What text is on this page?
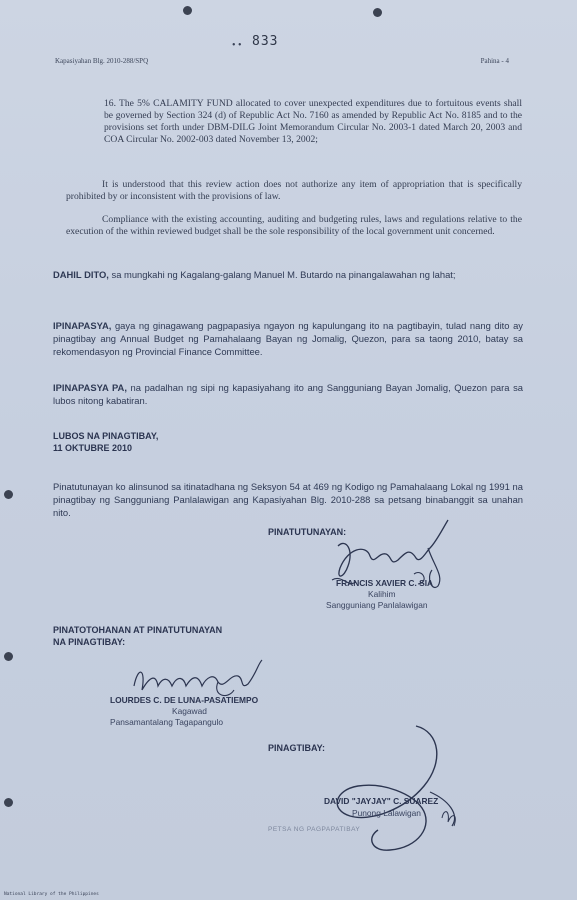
• • 833
Kapasiyahan Blg. 2010-288/SPQ	Pahina - 4
16. The 5% CALAMITY FUND allocated to cover unexpected expenditures due to fortuitous events shall be governed by Section 324 (d) of Republic Act No. 7160 as amended by Republic Act No. 8185 and to the provisions set forth under DBM-DILG Joint Memorandum Circular No. 2003-1 dated March 20, 2003 and COA Circular No. 2002-003 dated November 13, 2002;
It is understood that this review action does not authorize any item of appropriation that is specifically prohibited by or inconsistent with the provisions of law.
Compliance with the existing accounting, auditing and budgeting rules, laws and regulations relative to the execution of the within reviewed budget shall be the sole responsibility of the local government unit concerned.
DAHIL DITO, sa mungkahi ng Kagalang-galang Manuel M. Butardo na pinangalawahan ng lahat;
IPINAPASYA, gaya ng ginagawang pagpapasiya ngayon ng kapulungang ito na pagtibayin, tulad nang dito ay pinagtibay ang Annual Budget ng Pamahalaang Bayan ng Jomalig, Quezon, para sa taong 2010, batay sa rekomendasyon ng Provincial Finance Committee.
IPINAPASYA PA, na padalhan ng sipi ng kapasiyahang ito ang Sangguniang Bayan Jomalig, Quezon para sa lubos nitong kabatiran.
LUBOS NA PINAGTIBAY,
11 OKTUBRE 2010
Pinatutunayan ko alinsunod sa itinatadhana ng Seksyon 54 at 469 ng Kodigo ng Pamahalaang Lokal ng 1991 na pinagtibay ng Sangguniang Panlalawigan ang Kapasiyahan Blg. 2010-288 sa petsang binabanggit sa unahan nito.
PINATUTUNAYAN:
FRANCIS XAVIER C. SIA
Kalihim
Sangguniang Panlalawigan
PINATOTOHANAN AT PINATUTUNAYAN
NA PINAGTIBAY:
LOURDES C. DE LUNA-PASATIEMPO
Kagawad
Pansamantalang Tagapangulo
PINAGTIBAY:
DAVID "JAYJAY" C. SUAREZ
Punong Lalawigan
PETSA NG PAGPAPATIBAY
National Library of the Philippines
